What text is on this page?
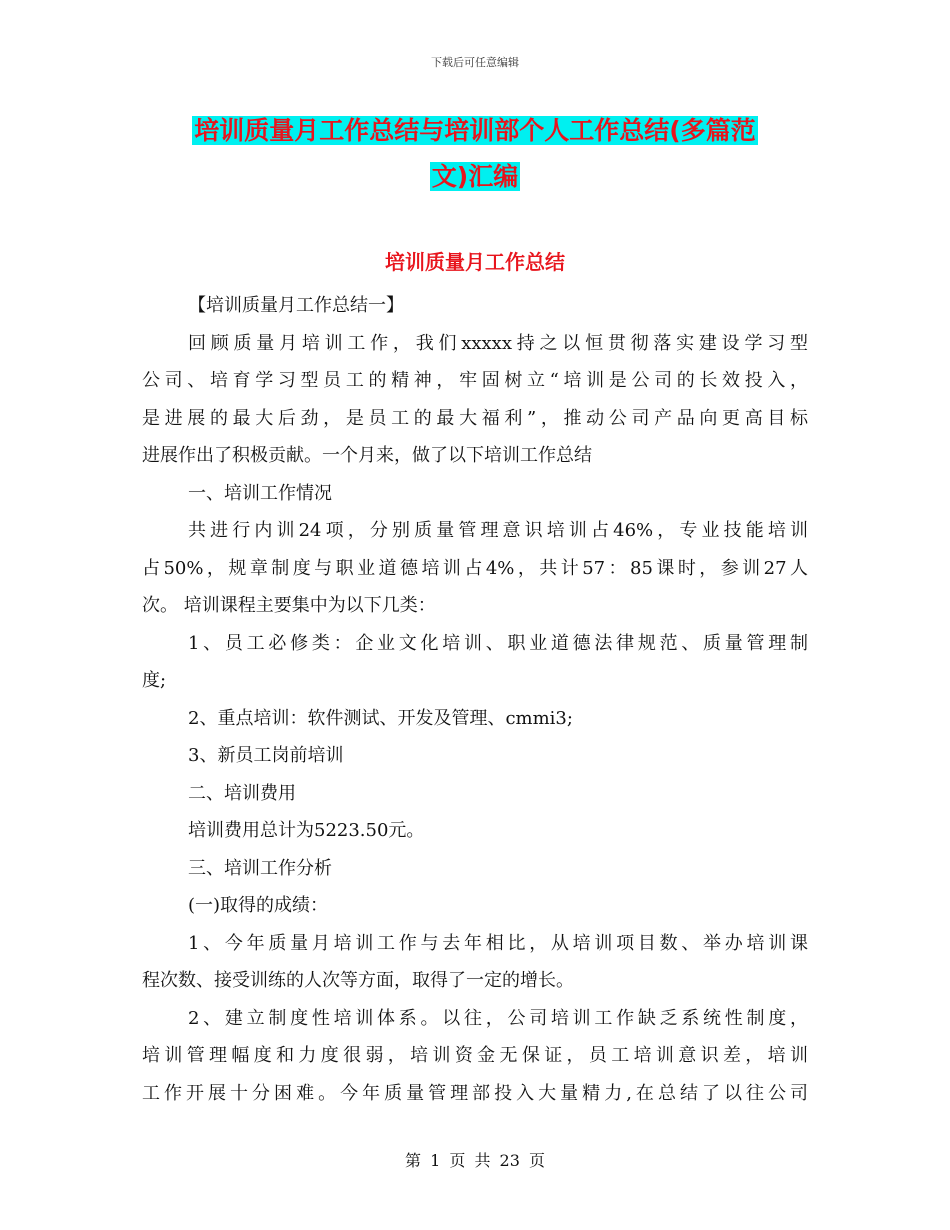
下载后可任意编辑
培训质量月工作总结与培训部个人工作总结(多篇范
文)汇编
培训质量月工作总结
【培训质量月工作总结一】
回顾质量月培训工作，我们xxxxx持之以恒贯彻落实建设学习型
公司、培育学习型员工的精神，牢固树立“培训是公司的长效投入，
是进展的最大后劲，是员工的最大福利”，推动公司产品向更高目标
进展作出了积极贡献。一个月来，做了以下培训工作总结
一、培训工作情况
共进行内训24项，分别质量管理意识培训占46%，专业技能培训
占50%，规章制度与职业道德培训占4%，共计57：85课时，参训27人
次。 培训课程主要集中为以下几类：
1、员工必修类：企业文化培训、职业道德法律规范、质量管理制
度;
2、重点培训：软件测试、开发及管理、cmmi3;
3、新员工岗前培训
二、培训费用
培训费用总计为5223.50元。
三、培训工作分析
(一)取得的成绩：
1、今年质量月培训工作与去年相比，从培训项目数、举办培训课
程次数、接受训练的人次等方面，取得了一定的增长。
2、建立制度性培训体系。以往，公司培训工作缺乏系统性制度，
培训管理幅度和力度很弱，培训资金无保证，员工培训意识差，培训
工作开展十分困难。今年质量管理部投入大量精力,在总结了以往公司
第 1 页 共 23 页
